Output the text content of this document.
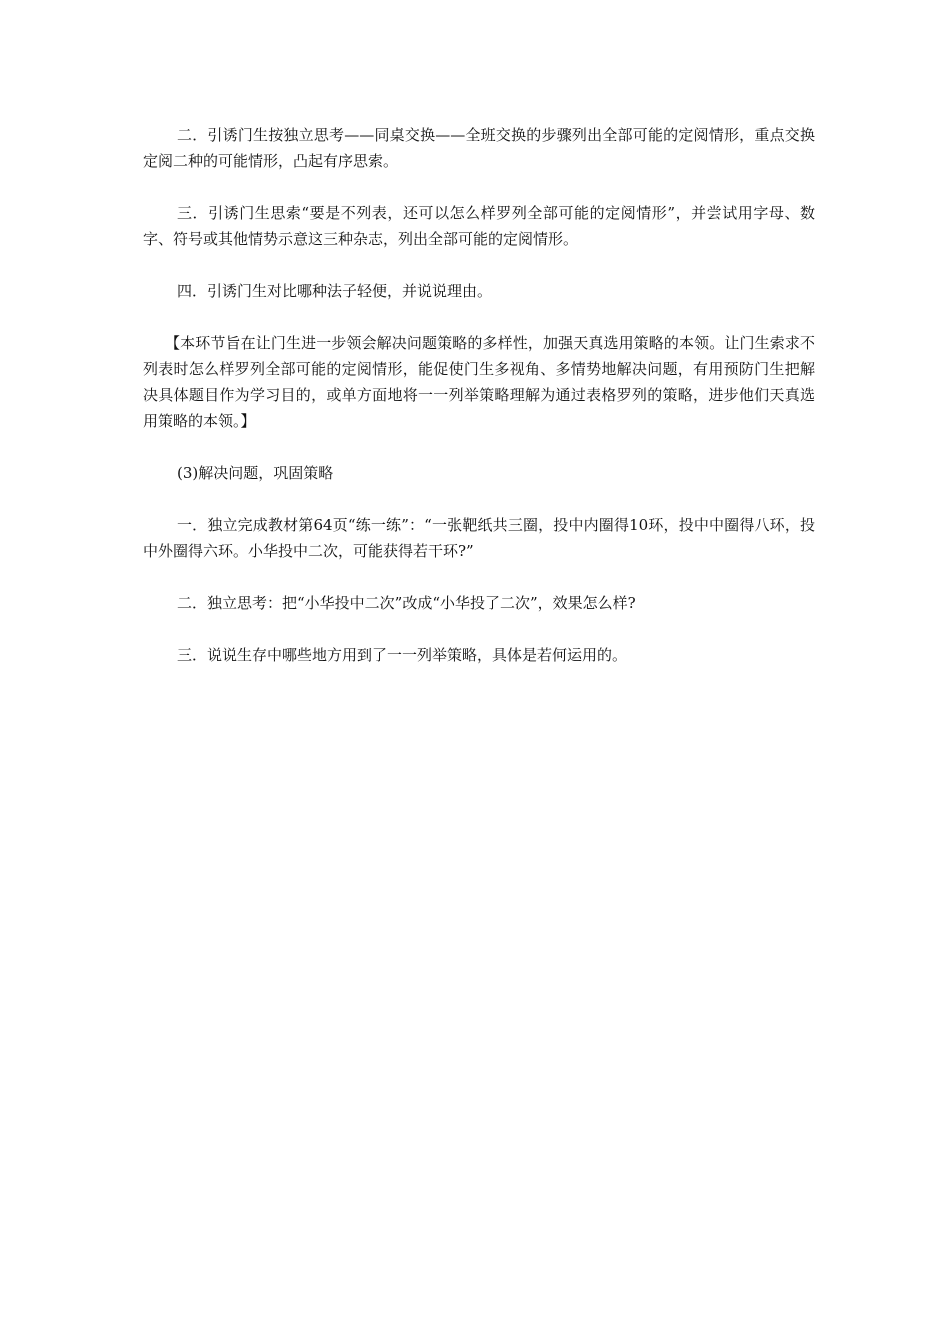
二．引诱门生按独立思考——同桌交换——全班交换的步骤列出全部可能的定阅情形，重点交换定阅二种的可能情形，凸起有序思索。

三．引诱门生思索“要是不列表，还可以怎么样罗列全部可能的定阅情形”，并尝试用字母、数字、符号或其他情势示意这三种杂志，列出全部可能的定阅情形。

四．引诱门生对比哪种法子轻便，并说说理由。

【本环节旨在让门生进一步领会解决问题策略的多样性，加强天真选用策略的本领。让门生索求不列表时怎么样罗列全部可能的定阅情形，能促使门生多视角、多情势地解决问题，有用预防门生把解决具体题目作为学习目的，或单方面地将一一列举策略理解为通过表格罗列的策略，进步他们天真选用策略的本领。】

(3)解决问题，巩固策略

一．独立完成教材第64页“练一练”：“一张靶纸共三圈，投中内圈得10环，投中中圈得八环，投中外圈得六环。小华投中二次，可能获得若干环?”

二．独立思考：把“小华投中二次”改成“小华投了二次”，效果怎么样?

三．说说生存中哪些地方用到了一一列举策略，具体是若何运用的。
